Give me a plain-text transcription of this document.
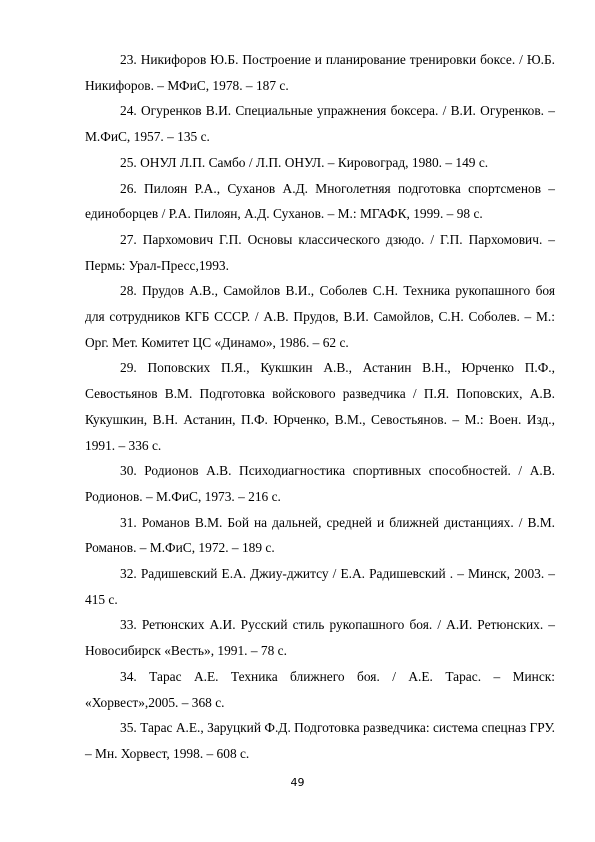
23. Никифоров Ю.Б. Построение и планирование тренировки боксе. / Ю.Б. Никифоров. – МФиС, 1978. – 187 с.

24. Огуренков В.И. Специальные упражнения боксера. / В.И. Огуренков. – М.ФиС, 1957. – 135 с.

25. ОНУЛ Л.П. Самбо / Л.П. ОНУЛ. – Кировоград, 1980. – 149 с.

26. Пилоян Р.А., Суханов А.Д. Многолетняя подготовка спортсменов – единоборцев / Р.А. Пилоян, А.Д. Суханов. – М.: МГАФК, 1999. – 98 с.

27. Пархомович Г.П. Основы классического дзюдо. / Г.П. Пархомович. – Пермь: Урал-Пресс,1993.

28. Прудов А.В., Самойлов В.И., Соболев С.Н. Техника рукопашного боя для сотрудников КГБ СССР. / А.В. Прудов, В.И. Самойлов, С.Н. Соболев. – М.: Орг. Мет. Комитет ЦС «Динамо», 1986. – 62 с.

29. Поповских П.Я., Кукшкин А.В., Астанин В.Н., Юрченко П.Ф., Севостьянов В.М. Подготовка войскового разведчика / П.Я. Поповских, А.В. Кукушкин, В.Н. Астанин, П.Ф. Юрченко, В.М., Севостьянов. – М.: Воен. Изд., 1991. – 336 с.

30. Родионов А.В. Психодиагностика спортивных способностей. / А.В. Родионов. – М.ФиС, 1973. – 216 с.

31. Романов В.М. Бой на дальней, средней и ближней дистанциях. / В.М. Романов. – М.ФиС, 1972. – 189 с.

32. Радишевский Е.А. Джиу-джитсу / Е.А. Радишевский . – Минск, 2003. – 415 с.

33. Ретюнских А.И. Русский стиль рукопашного боя. / А.И. Ретюнских. – Новосибирск «Весть», 1991. – 78 с.

34. Тарас А.Е. Техника ближнего боя. / А.Е. Тарас. – Минск: «Хорвест»,2005. – 368 с.

35. Тарас А.Е., Заруцкий Ф.Д. Подготовка разведчика: система спецназ ГРУ. – Мн. Хорвест, 1998. – 608 с.

49
